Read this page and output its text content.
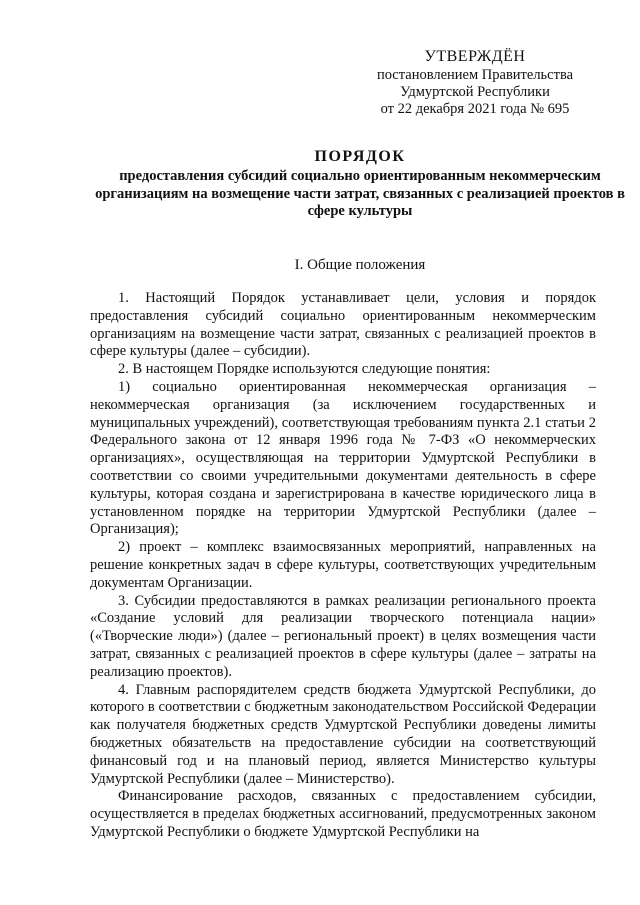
УТВЕРЖДЁН
постановлением Правительства
Удмуртской Республики
от 22 декабря 2021 года № 695
ПОРЯДОК
предоставления субсидий социально ориентированным некоммерческим организациям на возмещение части затрат, связанных с реализацией проектов в сфере культуры
I. Общие положения

1. Настоящий Порядок устанавливает цели, условия и порядок предоставления субсидий социально ориентированным некоммерческим организациям на возмещение части затрат, связанных с реализацией проектов в сфере культуры (далее – субсидии).

2. В настоящем Порядке используются следующие понятия:

1) социально ориентированная некоммерческая организация – некоммерческая организация (за исключением государственных и муниципальных учреждений), соответствующая требованиям пункта 2.1 статьи 2 Федерального закона от 12 января 1996 года № 7-ФЗ «О некоммерческих организациях», осуществляющая на территории Удмуртской Республики в соответствии со своими учредительными документами деятельность в сфере культуры, которая создана и зарегистрирована в качестве юридического лица в установленном порядке на территории Удмуртской Республики (далее – Организация);

2) проект – комплекс взаимосвязанных мероприятий, направленных на решение конкретных задач в сфере культуры, соответствующих учредительным документам Организации.

3. Субсидии предоставляются в рамках реализации регионального проекта «Создание условий для реализации творческого потенциала нации» («Творческие люди») (далее – региональный проект) в целях возмещения части затрат, связанных с реализацией проектов в сфере культуры (далее – затраты на реализацию проектов).

4. Главным распорядителем средств бюджета Удмуртской Республики, до которого в соответствии с бюджетным законодательством Российской Федерации как получателя бюджетных средств Удмуртской Республики доведены лимиты бюджетных обязательств на предоставление субсидии на соответствующий финансовый год и на плановый период, является Министерство культуры Удмуртской Республики (далее – Министерство).

Финансирование расходов, связанных с предоставлением субсидии, осуществляется в пределах бюджетных ассигнований, предусмотренных законом Удмуртской Республики о бюджете Удмуртской Республики на
